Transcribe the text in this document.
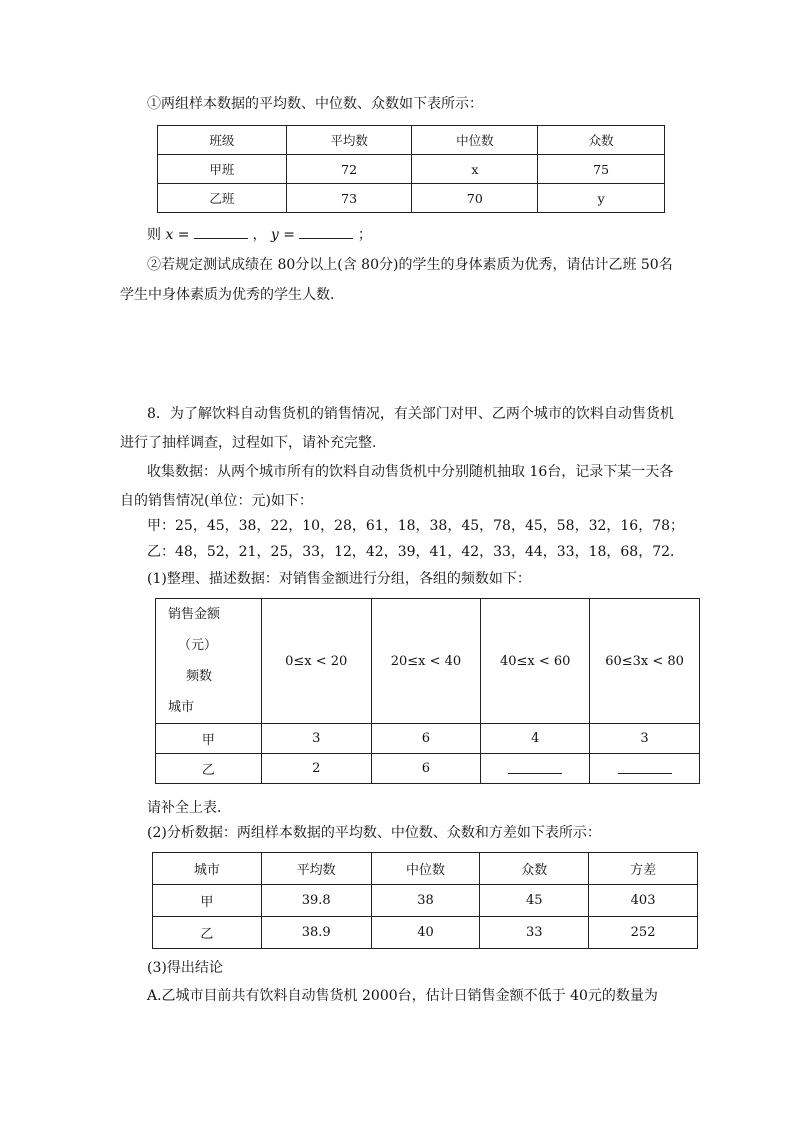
①两组样本数据的平均数、中位数、众数如下表所示：
班级	平均数	中位数	众数
甲班	72	x	75
乙班	73	70	y
则 x =	， y =	；
②若规定测试成绩在 80分以上(含 80分)的学生的身体素质为优秀，请估计乙班 50名
学生中身体素质为优秀的学生人数．
8．为了解饮料自动售货机的销售情况，有关部门对甲、乙两个城市的饮料自动售货机
进行了抽样调查，过程如下，请补充完整．
收集数据：从两个城市所有的饮料自动售货机中分别随机抽取 16台，记录下某一天各
自的销售情况(单位：元)如下：
甲：25，45，38，22，10，28，61，18，38，45，78，45，58，32，16，78；
乙：48，52，21，25，33，12，42，39，41，42，33，44，33，18，68，72．
(1)整理、描述数据：对销售金额进行分组，各组的频数如下：
销售金额
（元）
频数
城市	0≤x < 20	20≤x < 40	40≤x < 60	60≤3x < 80
甲	3	6	4	3
乙	2	6		
请补全上表．
(2)分析数据：两组样本数据的平均数、中位数、众数和方差如下表所示：
城市	平均数	中位数	众数	方差
甲	39.8	38	45	403
乙	38.9	40	33	252
(3)得出结论
A.乙城市目前共有饮料自动售货机 2000台，估计日销售金额不低于 40元的数量为
